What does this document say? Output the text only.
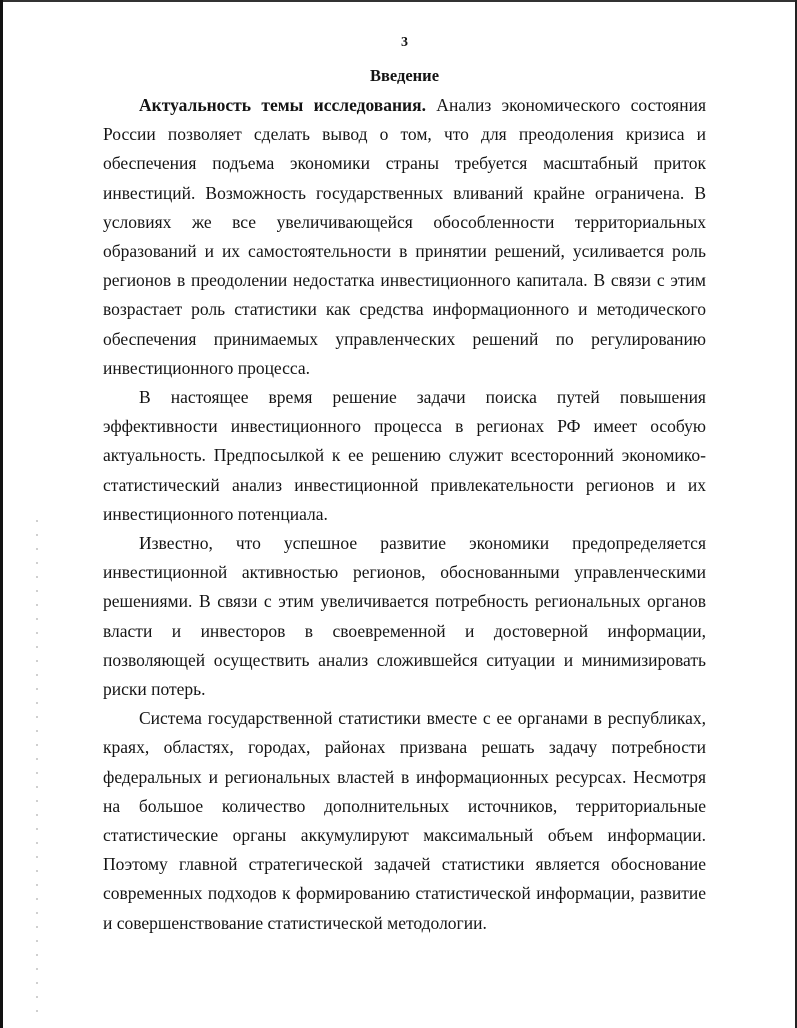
3
Введение

Актуальность темы исследования. Анализ экономического состояния России позволяет сделать вывод о том, что для преодоления кризиса и обеспечения подъема экономики страны требуется масштабный приток инвестиций. Возможность государственных вливаний крайне ограничена. В условиях же все увеличивающейся обособленности территориальных образований и их самостоятельности в принятии решений, усиливается роль регионов в преодолении недостатка инвестиционного капитала. В связи с этим возрастает роль статистики как средства информационного и методического обеспечения принимаемых управленческих решений по регулированию инвестиционного процесса.

В настоящее время решение задачи поиска путей повышения эффективности инвестиционного процесса в регионах РФ имеет особую актуальность. Предпосылкой к ее решению служит всесторонний экономико-статистический анализ инвестиционной привлекательности регионов и их инвестиционного потенциала.

Известно, что успешное развитие экономики предопределяется инвестиционной активностью регионов, обоснованными управленческими решениями. В связи с этим увеличивается потребность региональных органов власти и инвесторов в своевременной и достоверной информации, позволяющей осуществить анализ сложившейся ситуации и минимизировать риски потерь.

Система государственной статистики вместе с ее органами в республиках, краях, областях, городах, районах призвана решать задачу потребности федеральных и региональных властей в информационных ресурсах. Несмотря на большое количество дополнительных источников, территориальные статистические органы аккумулируют максимальный объем информации. Поэтому главной стратегической задачей статистики является обоснование современных подходов к формированию статистической информации, развитие и совершенствование статистической методологии.
